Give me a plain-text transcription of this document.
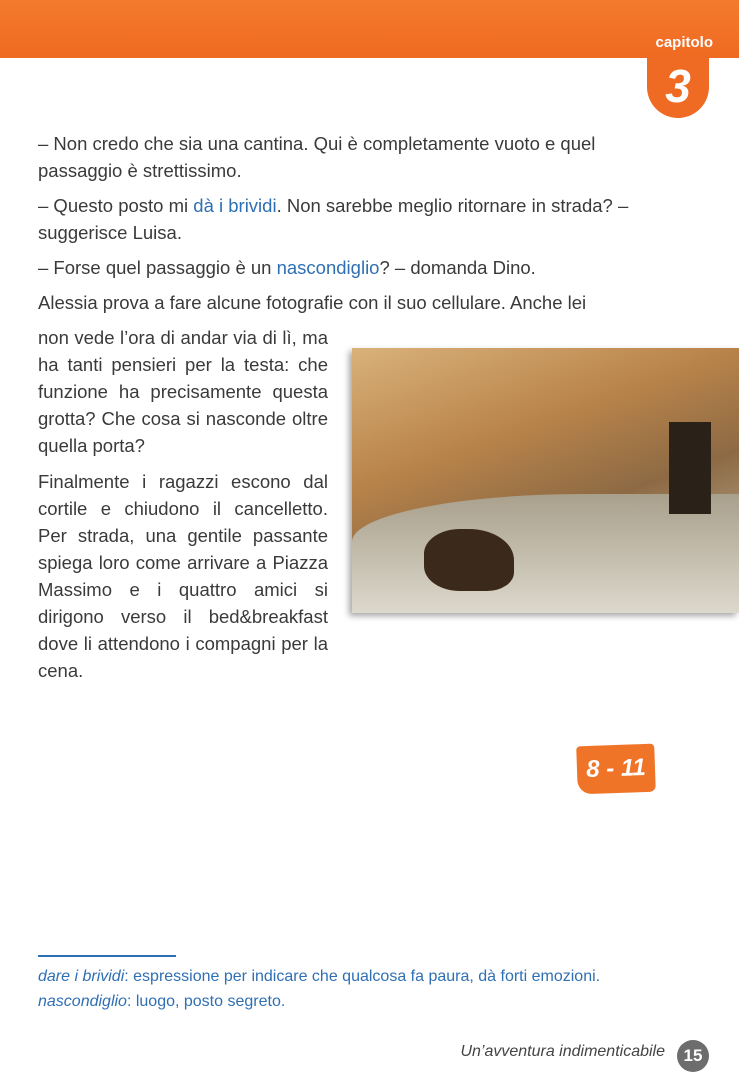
capitolo
3

– Non credo che sia una cantina. Qui è completamente vuoto e quel passaggio è strettissimo.

– Questo posto mi dà i brividi. Non sarebbe meglio ritornare in strada? – suggerisce Luisa.

– Forse quel passaggio è un nascondiglio? – domanda Dino.

Alessia prova a fare alcune fotografie con il suo cellulare. Anche lei

non vede l’ora di andar via di lì, ma ha tanti pensieri per la testa: che funzione ha precisamente questa grotta? Che cosa si nasconde oltre quella porta?
Finalmente i ragazzi escono dal cortile e chiudono il cancelletto. Per strada, una gentile passante spiega loro come arrivare a Piazza Massimo e i quattro amici si dirigono verso il bed&breakfast dove li attendono i compagni per la cena.
8 - 11
dare i brividi: espressione per indicare che qualcosa fa paura, dà forti emozioni.
nascondiglio: luogo, posto segreto.
Un’avventura indimenticabile	15
